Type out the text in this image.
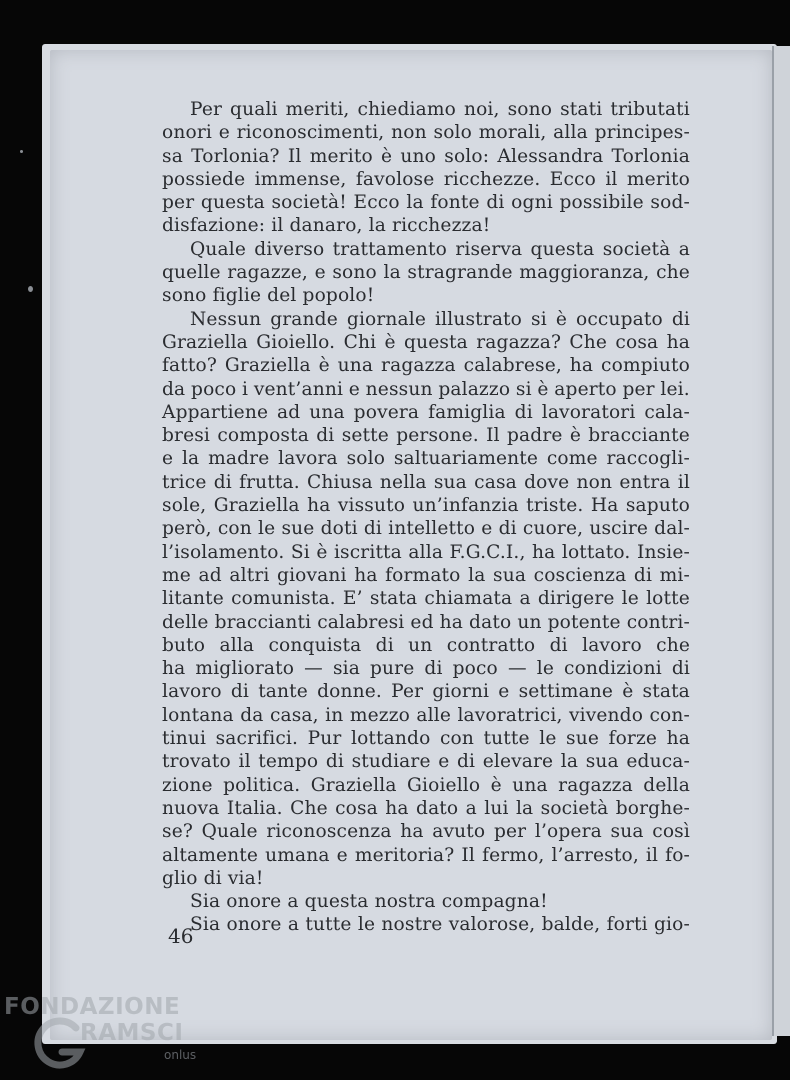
Per quali meriti, chiediamo noi, sono stati tributati
onori e riconoscimenti, non solo morali, alla principes-
sa Torlonia? Il merito è uno solo: Alessandra Torlonia
possiede immense, favolose ricchezze. Ecco il merito
per questa società! Ecco la fonte di ogni possibile sod-
disfazione: il danaro, la ricchezza!
Quale diverso trattamento riserva questa società a
quelle ragazze, e sono la stragrande maggioranza, che
sono figlie del popolo!
Nessun grande giornale illustrato si è occupato di
Graziella Gioiello. Chi è questa ragazza? Che cosa ha
fatto? Graziella è una ragazza calabrese, ha compiuto
da poco i vent’anni e nessun palazzo si è aperto per lei.
Appartiene ad una povera famiglia di lavoratori cala-
bresi composta di sette persone. Il padre è bracciante
e la madre lavora solo saltuariamente come raccogli-
trice di frutta. Chiusa nella sua casa dove non entra il
sole, Graziella ha vissuto un’infanzia triste. Ha saputo
però, con le sue doti di intelletto e di cuore, uscire dal-
l’isolamento. Si è iscritta alla F.G.C.I., ha lottato. Insie-
me ad altri giovani ha formato la sua coscienza di mi-
litante comunista. E’ stata chiamata a dirigere le lotte
delle braccianti calabresi ed ha dato un potente contri-
buto alla conquista di un contratto di lavoro che
ha migliorato — sia pure di poco — le condizioni di
lavoro di tante donne. Per giorni e settimane è stata
lontana da casa, in mezzo alle lavoratrici, vivendo con-
tinui sacrifici. Pur lottando con tutte le sue forze ha
trovato il tempo di studiare e di elevare la sua educa-
zione politica. Graziella Gioiello è una ragazza della
nuova Italia. Che cosa ha dato a lui la società borghe-
se? Quale riconoscenza ha avuto per l’opera sua così
altamente umana e meritoria? Il fermo, l’arresto, il fo-
glio di via!
Sia onore a questa nostra compagna!
Sia onore a tutte le nostre valorose, balde, forti gio-
46
FONDAZIONE
RAMSCI
onlus
